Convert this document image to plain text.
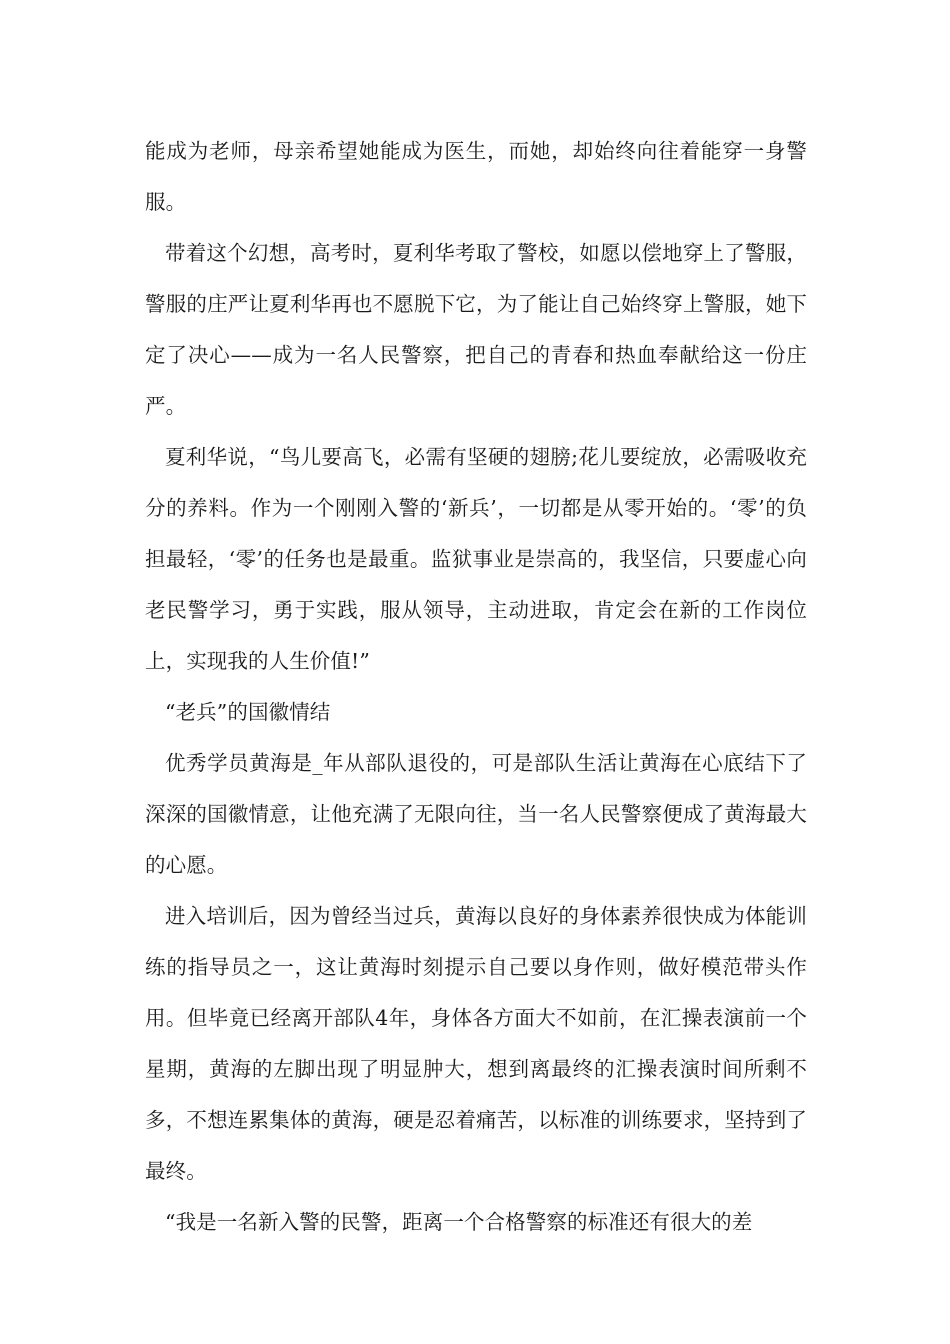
能成为老师，母亲希望她能成为医生，而她，却始终向往着能穿一身警服。

带着这个幻想，高考时，夏利华考取了警校，如愿以偿地穿上了警服，警服的庄严让夏利华再也不愿脱下它，为了能让自己始终穿上警服，她下定了决心——成为一名人民警察，把自己的青春和热血奉献给这一份庄严。

夏利华说，“鸟儿要高飞，必需有坚硬的翅膀;花儿要绽放，必需吸收充分的养料。作为一个刚刚入警的‘新兵’，一切都是从零开始的。‘零’的负担最轻，‘零’的任务也是最重。监狱事业是崇高的，我坚信，只要虚心向老民警学习，勇于实践，服从领导，主动进取，肯定会在新的工作岗位上，实现我的人生价值!”

“老兵”的国徽情结

优秀学员黄海是_年从部队退役的，可是部队生活让黄海在心底结下了深深的国徽情意，让他充满了无限向往，当一名人民警察便成了黄海最大的心愿。

进入培训后，因为曾经当过兵，黄海以良好的身体素养很快成为体能训练的指导员之一，这让黄海时刻提示自己要以身作则，做好模范带头作用。但毕竟已经离开部队4年，身体各方面大不如前，在汇操表演前一个星期，黄海的左脚出现了明显肿大，想到离最终的汇操表演时间所剩不多，不想连累集体的黄海，硬是忍着痛苦，以标准的训练要求，坚持到了最终。

“我是一名新入警的民警，距离一个合格警察的标准还有很大的差
